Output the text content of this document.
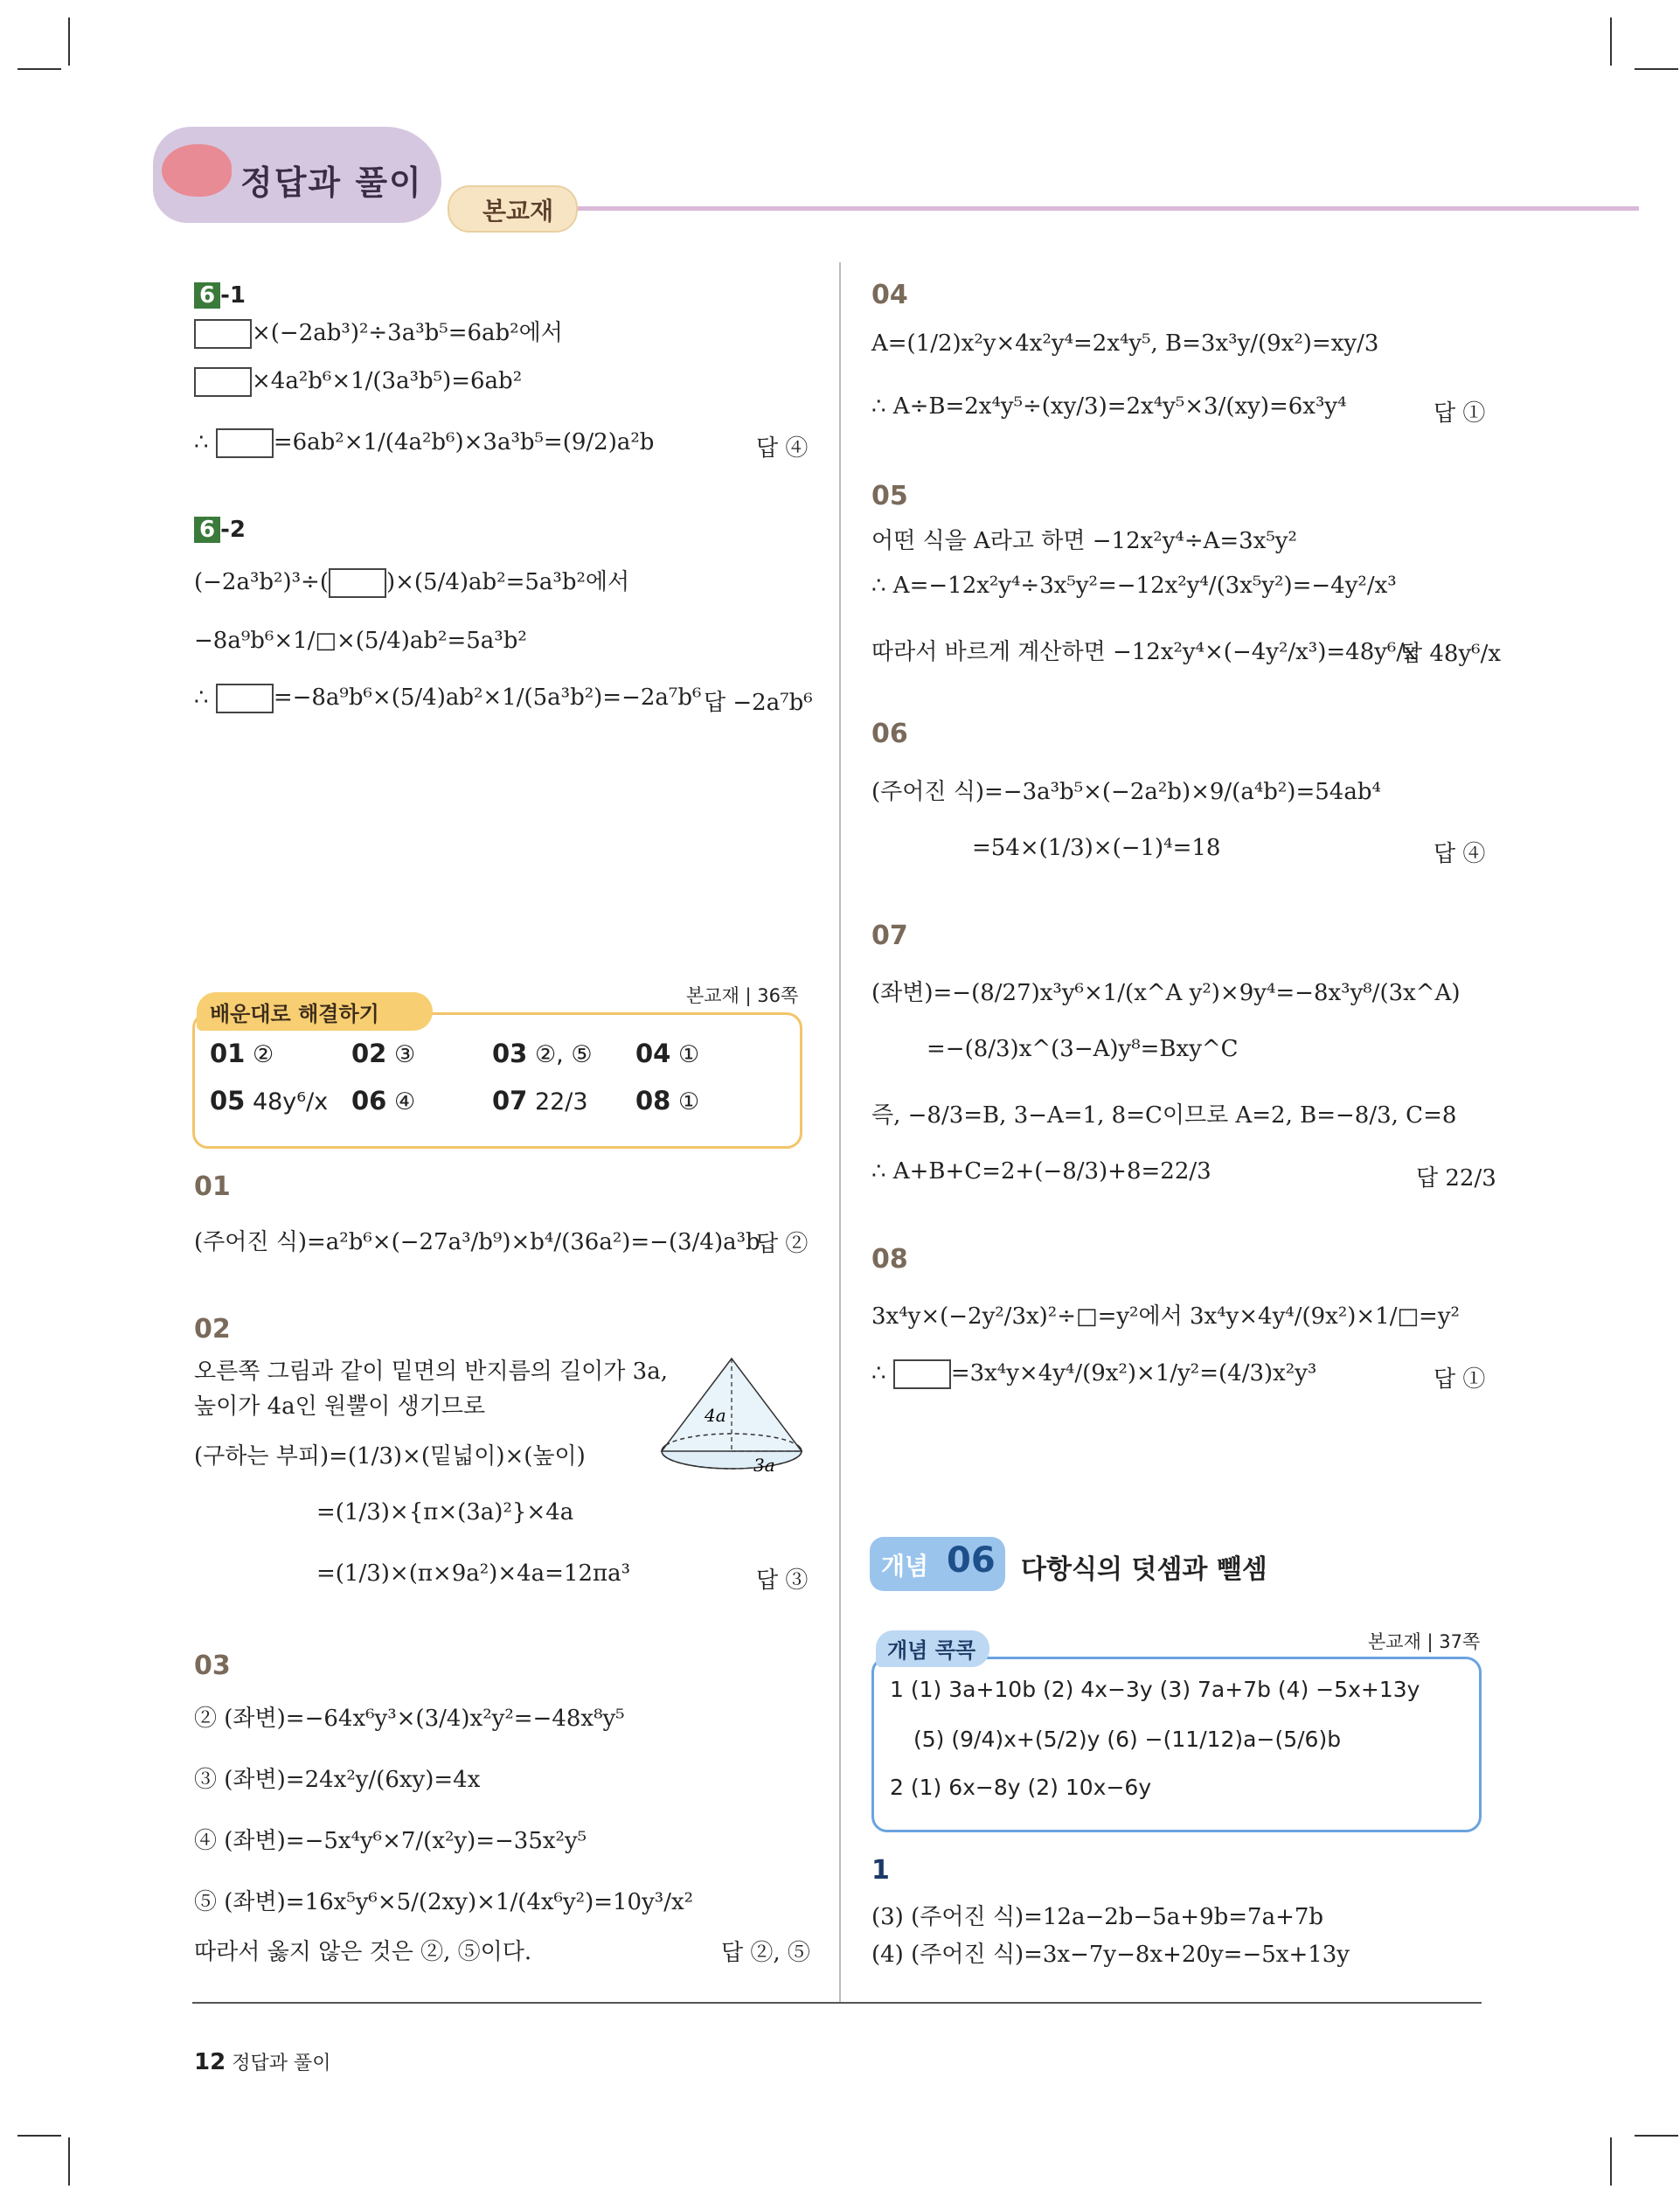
정답과 풀이
본교재
6 -1
×(−2ab³)²÷3a³b⁵=6ab²에서
×4a²b⁶×1/(3a³b⁵)=6ab²
∴	=6ab²×1/(4a²b⁶)×3a³b⁵=(9/2)a²b	답 ④
6 -2
(−2a³b²)³÷(	)×(5/4)ab²=5a³b²에서
−8a⁹b⁶×1/□×(5/4)ab²=5a³b²
∴	=−8a⁹b⁶×(5/4)ab²×1/(5a³b²)=−2a⁷b⁶ 답 −2a⁷b⁶
본교재 | 36쪽
배운대로 해결하기
01 ②	02 ③	03 ②, ⑤ 04 ①
05 48y⁶/x 06 ④	07 22/3 08 ①
01
(주어진 식)=a²b⁶×(−27a³/b⁹)×b⁴/(36a²)=−(3/4)a³b
답 ②
02
오른쪽 그림과 같이 밑면의 반지름의 길이가 3a,
높이가 4a인 원뿔이 생기므로
(구하는 부피)=(1/3)×(밑넓이)×(높이)
=(1/3)×{π×(3a)²}×4a
=(1/3)×(π×9a²)×4a=12πa³	답 ③
4a
3a
03
② (좌변)=−64x⁶y³×(3/4)x²y²=−48x⁸y⁵
③ (좌변)=24x²y/(6xy)=4x
④ (좌변)=−5x⁴y⁶×7/(x²y)=−35x²y⁵
⑤ (좌변)=16x⁵y⁶×5/(2xy)×1/(4x⁶y²)=10y³/x²
따라서 옳지 않은 것은 ②, ⑤이다.	답 ②, ⑤
04
A=(1/2)x²y×4x²y⁴=2x⁴y⁵, B=3x³y/(9x²)=xy/3
∴ A÷B=2x⁴y⁵÷(xy/3)=2x⁴y⁵×3/(xy)=6x³y⁴	답 ①
05
어떤 식을 A라고 하면 −12x²y⁴÷A=3x⁵y²
∴ A=−12x²y⁴÷3x⁵y²=−12x²y⁴/(3x⁵y²)=−4y²/x³
따라서 바르게 계산하면 −12x²y⁴×(−4y²/x³)=48y⁶/x
답 48y⁶/x
06
(주어진 식)=−3a³b⁵×(−2a²b)×9/(a⁴b²)=54ab⁴
=54×(1/3)×(−1)⁴=18	답 ④
07
(좌변)=−(8/27)x³y⁶×1/(x^A y²)×9y⁴=−8x³y⁸/(3x^A)
=−(8/3)x^(3−A)y⁸=Bxy^C
즉, −8/3=B, 3−A=1, 8=C이므로 A=2, B=−8/3, C=8
∴ A+B+C=2+(−8/3)+8=22/3	답 22/3
08
3x⁴y×(−2y²/3x)²÷□=y²에서 3x⁴y×4y⁴/(9x²)×1/□=y²
∴	=3x⁴y×4y⁴/(9x²)×1/y²=(4/3)x²y³	답 ①
개념 06 다항식의 덧셈과 뺄셈
본교재 | 37쪽
개념 콕콕
1 (1) 3a+10b (2) 4x−3y (3) 7a+7b (4) −5x+13y
(5) (9/4)x+(5/2)y (6) −(11/12)a−(5/6)b
2 (1) 6x−8y (2) 10x−6y
1
(3) (주어진 식)=12a−2b−5a+9b=7a+7b
(4) (주어진 식)=3x−7y−8x+20y=−5x+13y
12 정답과 풀이
